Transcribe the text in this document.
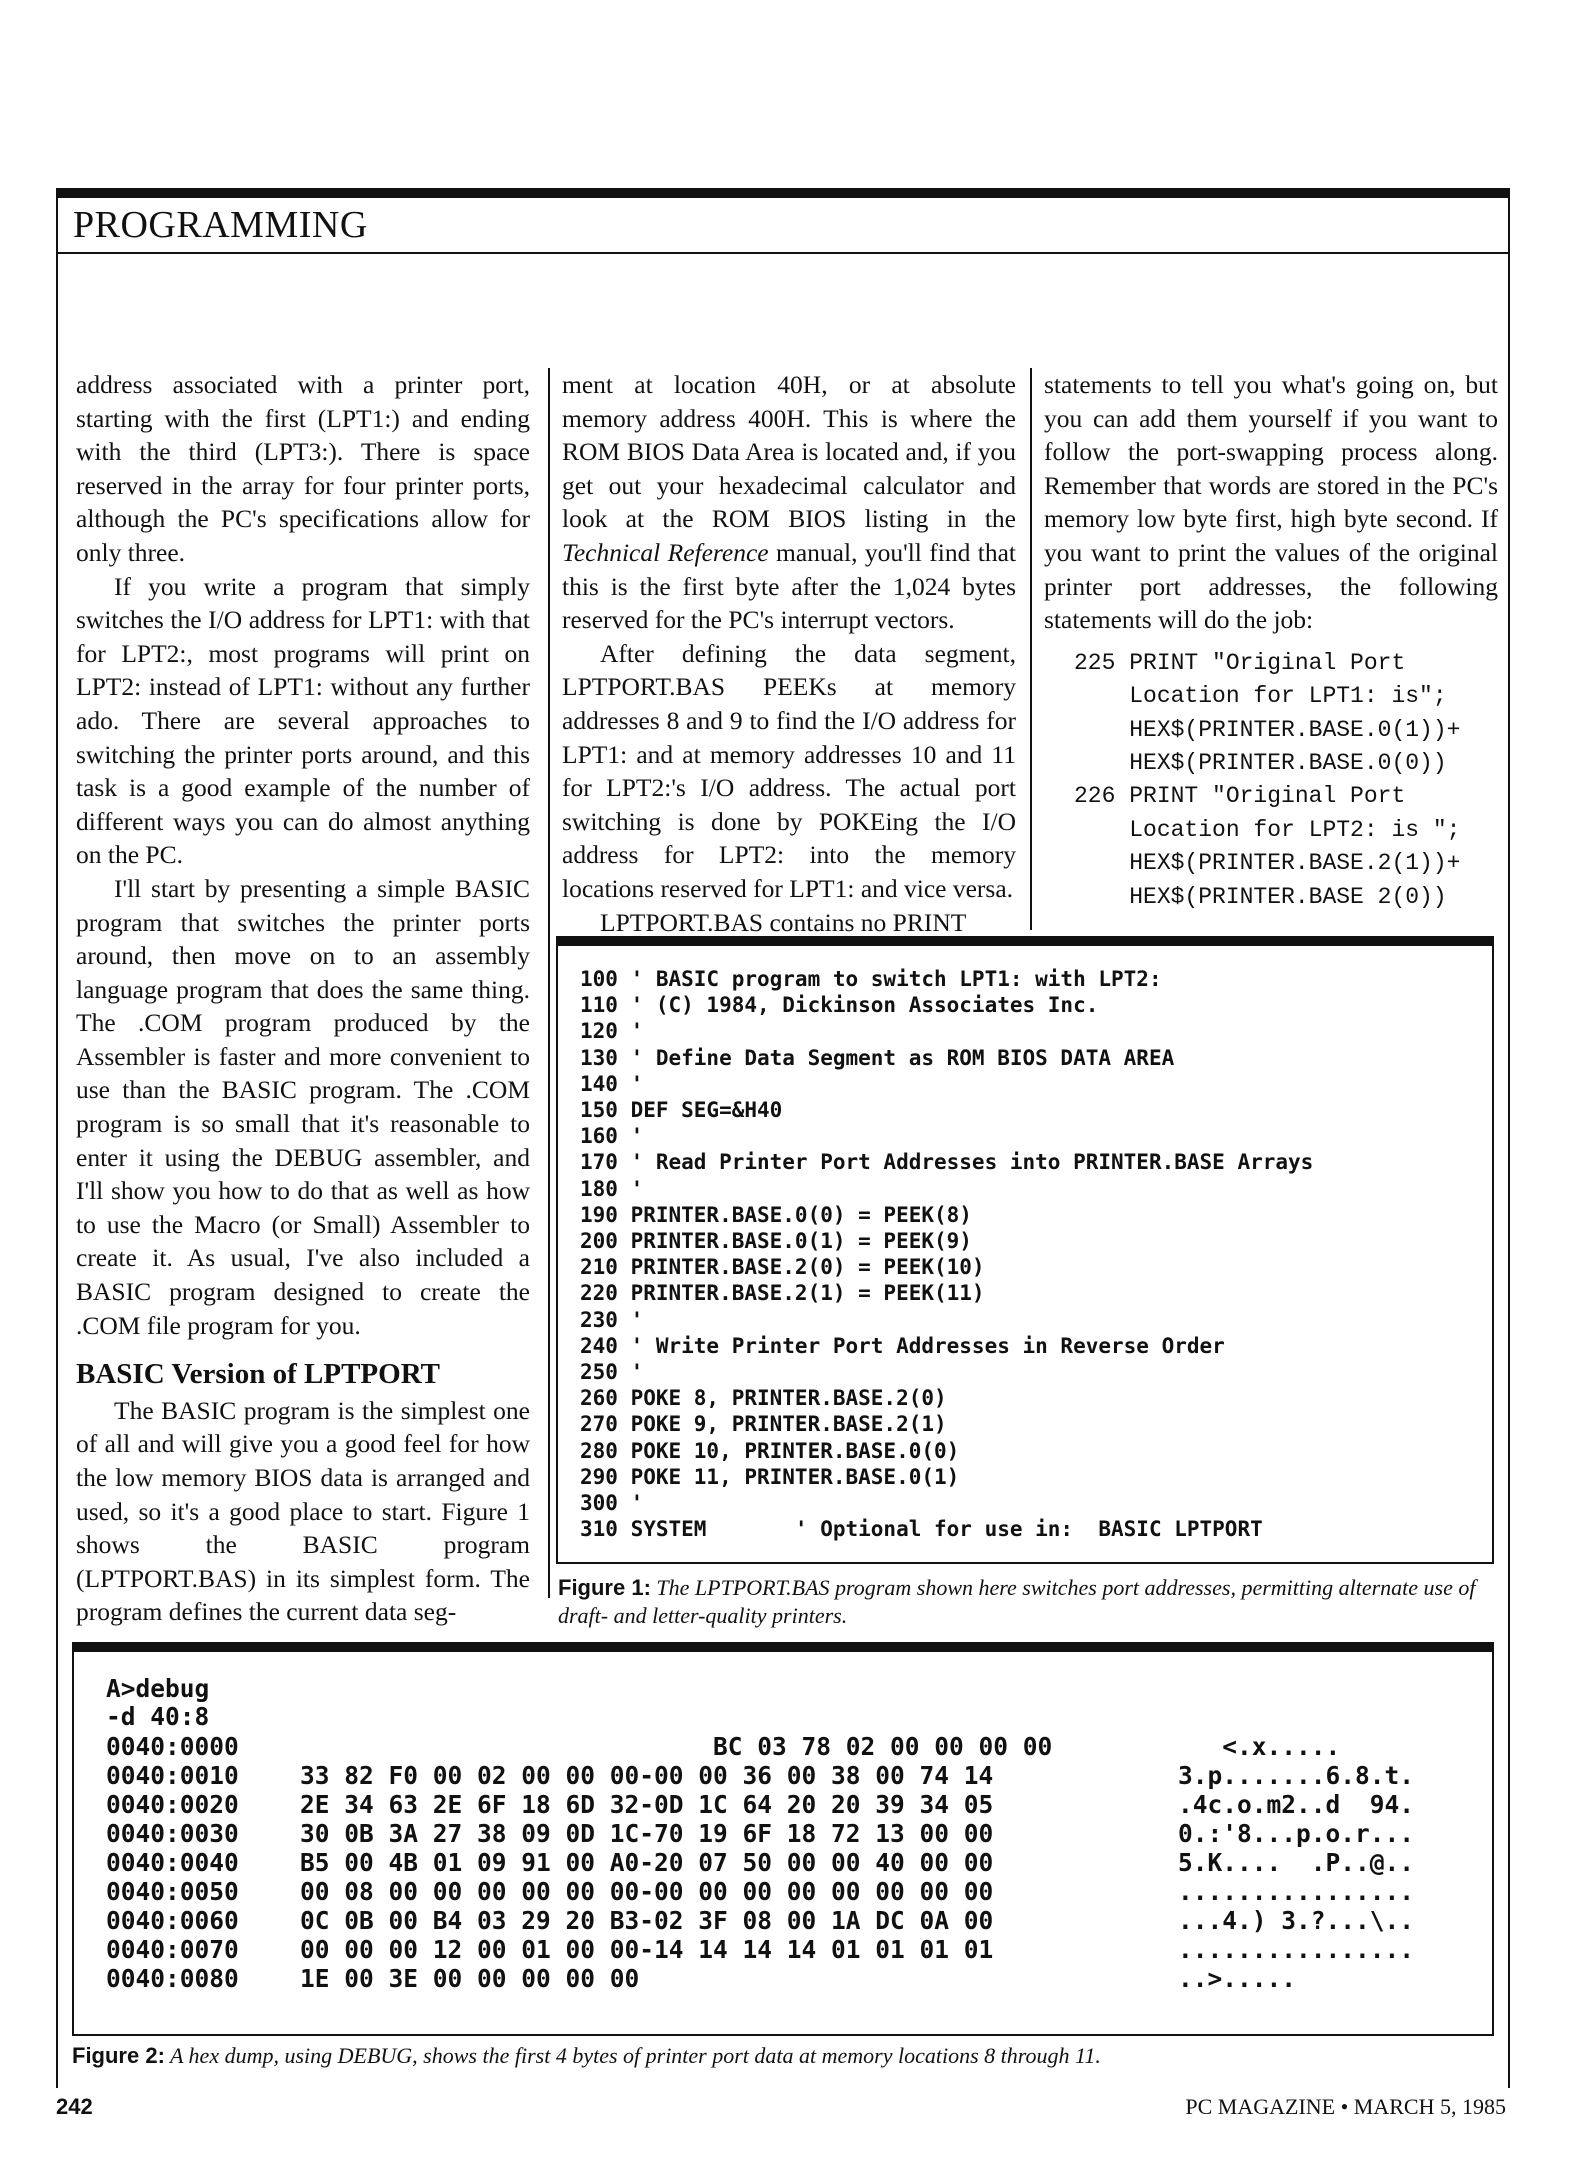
PROGRAMMING

address associated with a printer port, starting with the first (LPT1:) and ending with the third (LPT3:). There is space reserved in the array for four printer ports, although the PC's specifications allow for only three.

If you write a program that simply switches the I/O address for LPT1: with that for LPT2:, most programs will print on LPT2: instead of LPT1: without any further ado. There are several approaches to switching the printer ports around, and this task is a good example of the number of different ways you can do almost anything on the PC.

I'll start by presenting a simple BASIC program that switches the printer ports around, then move on to an assembly language program that does the same thing. The .COM program produced by the Assembler is faster and more convenient to use than the BASIC program. The .COM program is so small that it's reasonable to enter it using the DEBUG assembler, and I'll show you how to do that as well as how to use the Macro (or Small) Assembler to create it. As usual, I've also included a BASIC program designed to create the .COM file program for you.

BASIC Version of LPTPORT

The BASIC program is the simplest one of all and will give you a good feel for how the low memory BIOS data is arranged and used, so it's a good place to start. Figure 1 shows the BASIC program (LPTPORT.BAS) in its simplest form. The program defines the current data seg-

ment at location 40H, or at absolute memory address 400H. This is where the ROM BIOS Data Area is located and, if you get out your hexadecimal calculator and look at the ROM BIOS listing in the Technical Reference manual, you'll find that this is the first byte after the 1,024 bytes reserved for the PC's interrupt vectors.

After defining the data segment, LPTPORT.BAS PEEKs at memory addresses 8 and 9 to find the I/O address for LPT1: and at memory addresses 10 and 11 for LPT2:'s I/O address. The actual port switching is done by POKEing the I/O address for LPT2: into the memory locations reserved for LPT1: and vice versa.

LPTPORT.BAS contains no PRINT

statements to tell you what's going on, but you can add them yourself if you want to follow the port-swapping process along. Remember that words are stored in the PC's memory low byte first, high byte second. If you want to print the values of the original printer port addresses, the following statements will do the job:

225 PRINT "Original Port
Location for LPT1: is";
HEX$(PRINTER.BASE.0(1))+
HEX$(PRINTER.BASE.0(0))
226 PRINT "Original Port
Location for LPT2: is ";
HEX$(PRINTER.BASE.2(1))+
HEX$(PRINTER.BASE 2(0))
100 ' BASIC program to switch LPT1: with LPT2:
110 ' (C) 1984, Dickinson Associates Inc.
120 '
130 ' Define Data Segment as ROM BIOS DATA AREA
140 '
150 DEF SEG=&H40
160 '
170 ' Read Printer Port Addresses into PRINTER.BASE Arrays
180 '
190 PRINTER.BASE.0(0) = PEEK(8)
200 PRINTER.BASE.0(1) = PEEK(9)
210 PRINTER.BASE.2(0) = PEEK(10)
220 PRINTER.BASE.2(1) = PEEK(11)
230 '
240 ' Write Printer Port Addresses in Reverse Order
250 '
260 POKE 8, PRINTER.BASE.2(0)
270 POKE 9, PRINTER.BASE.2(1)
280 POKE 10, PRINTER.BASE.0(0)
290 POKE 11, PRINTER.BASE.0(1)
300 '
310 SYSTEM       ' Optional for use in:  BASIC LPTPORT
Figure 1: The LPTPORT.BAS program shown here switches port addresses, permitting alternate use of draft- and letter-quality printers.
A>debug
-d 40:8
0040:0000 BC 03 78 02 00 00 00 00	<.x.....
0040:0010 33 82 F0 00 02 00 00 00-00 00 36 00 38 00 74 14	3.p.......6.8.t.
0040:0020 2E 34 63 2E 6F 18 6D 32-0D 1C 64 20 20 39 34 05	.4c.o.m2..d  94.
0040:0030 30 0B 3A 27 38 09 0D 1C-70 19 6F 18 72 13 00 00	0.:'8...p.o.r...
0040:0040 B5 00 4B 01 09 91 00 A0-20 07 50 00 00 40 00 00	5.K....  .P..@..
0040:0050 00 08 00 00 00 00 00 00-00 00 00 00 00 00 00 00	................
0040:0060 0C 0B 00 B4 03 29 20 B3-02 3F 08 00 1A DC 0A 00	...4.) 3.?...\..
0040:0070 00 00 00 12 00 01 00 00-14 14 14 14 01 01 01 01	................
0040:0080 1E 00 3E 00 00 00 00 00	..>.....
Figure 2: A hex dump, using DEBUG, shows the first 4 bytes of printer port data at memory locations 8 through 11.
242	PC MAGAZINE • MARCH 5, 1985
